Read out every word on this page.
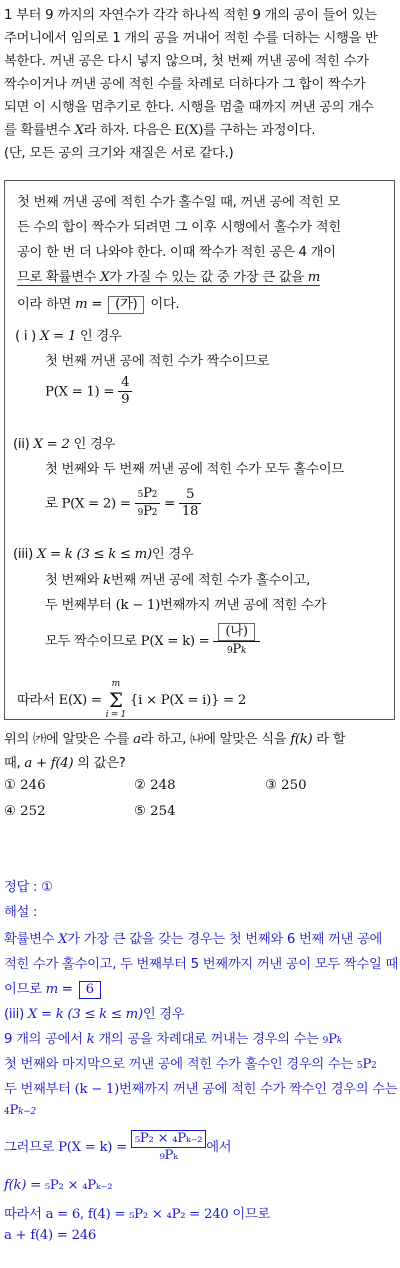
1 부터 9 까지의 자연수가 각각 하나씩 적힌 9 개의 공이 들어 있는
주머니에서 임의로 1 개의 공을 꺼내어 적힌 수를 더하는 시행을 반
복한다. 꺼낸 공은 다시 넣지 않으며, 첫 번째 꺼낸 공에 적힌 수가
짝수이거나 꺼낸 공에 적힌 수를 차례로 더하다가 그 합이 짝수가
되면 이 시행을 멈추기로 한다. 시행을 멈출 때까지 꺼낸 공의 개수
를 확률변수 X라 하자. 다음은 E(X)를 구하는 과정이다.
(단, 모든 공의 크기와 재질은 서로 같다.)
첫 번째 꺼낸 공에 적힌 수가 홀수일 때, 꺼낸 공에 적힌 모
든 수의 합이 짝수가 되려면 그 이후 시행에서 홀수가 적힌
공이 한 번 더 나와야 한다. 이때 짝수가 적힌 공은 4 개이
므로 확률변수 X가 가질 수 있는 값 중 가장 큰 값을 m
이라 하면 m = (가) 이다.
( i ) X = 1 인 경우
첫 번째 꺼낸 공에 적힌 수가 짝수이므로
$P(X = 1) = \frac{4}{9}$
(ii) X = 2 인 경우
첫 번째와 두 번째 꺼낸 공에 적힌 수가 모두 홀수이므
로 $P(X = 2) = \frac{5P2}{9P2} = \frac{5}{18}$
(iii) X = k (3 ≤ k ≤ m)인 경우
첫 번째와 k번째 꺼낸 공에 적힌 수가 홀수이고,
두 번째부터 (k − 1)번째까지 꺼낸 공에 적힌 수가
모두 짝수이므로 $P(X = k) = \frac{\text{(나)}}{9Pk}$
따라서 E(X) =
m
Σ
i = 1
{i × P(X = i)} = 2
위의 ㈎에 알맞은 수를 a라 하고, ㈏에 알맞은 식을 f(k) 라 할
때, a + f(4) 의 값은?
① 246	② 248	③ 250
④ 252	⑤ 254
정답 : ①
해설 :
확률변수 X가 가장 큰 값을 갖는 경우는 첫 번째와 6 번째 꺼낸 공에
적힌 수가 홀수이고, 두 번째부터 5 번째까지 꺼낸 공이 모두 짝수일 때
이므로 m = 6
(iii) X = k (3 ≤ k ≤ m)인 경우
9 개의 공에서 k 개의 공을 차례대로 꺼내는 경우의 수는 9Pk
첫 번째와 마지막으로 꺼낸 공에 적힌 수가 홀수인 경우의 수는 5P2
두 번째부터 (k − 1)번째까지 꺼낸 공에 적힌 수가 짝수인 경우의 수는
4Pk−2
그러므로 $P(X = k) = \frac{\text{₅P₂ × ₄Pₖ₋₂}}{\text{₉Pₖ}}$ 에서
f(k) = ₅P₂ × ₄Pₖ₋₂
따라서 a = 6, f(4) = ₅P₂ × ₄P₂ = 240 이므로
a + f(4) = 246
